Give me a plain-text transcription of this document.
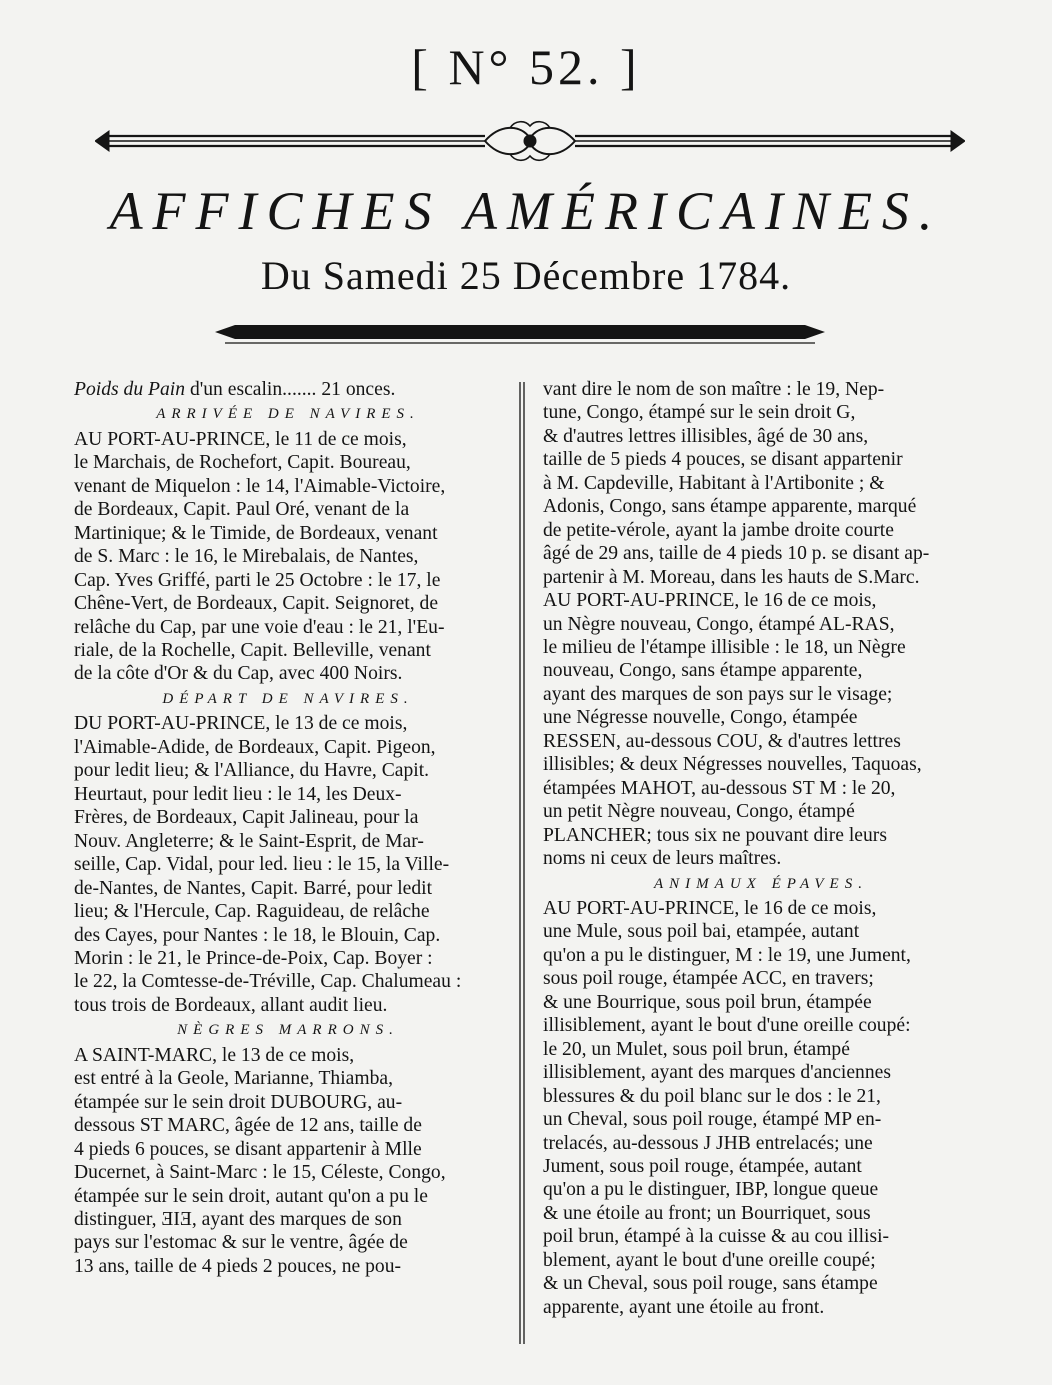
[ N° 52. ]
AFFICHES AMÉRICAINES.
Du Samedi 25 Décembre 1784.

Poids du Pain d'un escalin....... 21 onces.

ARRIVÉE DE NAVIRES.
AU PORT-AU-PRINCE, le 11 de ce mois,
le Marchais, de Rochefort, Capit. Boureau,
venant de Miquelon : le 14, l'Aimable-Victoire,
de Bordeaux, Capit. Paul Oré, venant de la
Martinique; & le Timide, de Bordeaux, venant
de S. Marc : le 16, le Mirebalais, de Nantes,
Cap. Yves Griffé, parti le 25 Octobre : le 17, le
Chêne-Vert, de Bordeaux, Capit. Seignoret, de
relâche du Cap, par une voie d'eau : le 21, l'Eu-
riale, de la Rochelle, Capit. Belleville, venant
de la côte d'Or & du Cap, avec 400 Noirs.
DÉPART DE NAVIRES.
DU PORT-AU-PRINCE, le 13 de ce mois,
l'Aimable-Adide, de Bordeaux, Capit. Pigeon,
pour ledit lieu; & l'Alliance, du Havre, Capit.
Heurtaut, pour ledit lieu : le 14, les Deux-
Frères, de Bordeaux, Capit Jalineau, pour la
Nouv. Angleterre; & le Saint-Esprit, de Mar-
seille, Cap. Vidal, pour led. lieu : le 15, la Ville-
de-Nantes, de Nantes, Capit. Barré, pour ledit
lieu; & l'Hercule, Cap. Raguideau, de relâche
des Cayes, pour Nantes : le 18, le Blouin, Cap.
Morin : le 21, le Prince-de-Poix, Cap. Boyer :
le 22, la Comtesse-de-Tréville, Cap. Chalumeau :
tous trois de Bordeaux, allant audit lieu.
NÈGRES MARRONS.
A SAINT-MARC, le 13 de ce mois,
est entré à la Geole, Marianne, Thiamba,
étampée sur le sein droit DUBOURG, au-
dessous ST MARC, âgée de 12 ans, taille de
4 pieds 6 pouces, se disant appartenir à Mlle
Ducernet, à Saint-Marc : le 15, Céleste, Congo,
étampée sur le sein droit, autant qu'on a pu le
distinguer, ƎIƎ, ayant des marques de son
pays sur l'estomac & sur le ventre, âgée de
13 ans, taille de 4 pieds 2 pouces, ne pou-
vant dire le nom de son maître : le 19, Nep-
tune, Congo, étampé sur le sein droit G,
& d'autres lettres illisibles, âgé de 30 ans,
taille de 5 pieds 4 pouces, se disant appartenir
à M. Capdeville, Habitant à l'Artibonite ; &
Adonis, Congo, sans étampe apparente, marqué
de petite-vérole, ayant la jambe droite courte
âgé de 29 ans, taille de 4 pieds 10 p. se disant ap-
partenir à M. Moreau, dans les hauts de S.Marc.
AU PORT-AU-PRINCE, le 16 de ce mois,
un Nègre nouveau, Congo, étampé AL-RAS,
le milieu de l'étampe illisible : le 18, un Nègre
nouveau, Congo, sans étampe apparente,
ayant des marques de son pays sur le visage;
une Négresse nouvelle, Congo, étampée
RESSEN, au-dessous COU, & d'autres lettres
illisibles; & deux Négresses nouvelles, Taquoas,
étampées MAHOT, au-dessous ST M : le 20,
un petit Nègre nouveau, Congo, étampé
PLANCHER; tous six ne pouvant dire leurs
noms ni ceux de leurs maîtres.
ANIMAUX ÉPAVES.
AU PORT-AU-PRINCE, le 16 de ce mois,
une Mule, sous poil bai, etampée, autant
qu'on a pu le distinguer, M : le 19, une Jument,
sous poil rouge, étampée ACC, en travers;
& une Bourrique, sous poil brun, étampée
illisiblement, ayant le bout d'une oreille coupé:
le 20, un Mulet, sous poil brun, étampé
illisiblement, ayant des marques d'anciennes
blessures & du poil blanc sur le dos : le 21,
un Cheval, sous poil rouge, étampé MP en-
trelacés, au-dessous J JHB entrelacés; une
Jument, sous poil rouge, étampée, autant
qu'on a pu le distinguer, IBP, longue queue
& une étoile au front; un Bourriquet, sous
poil brun, étampé à la cuisse & au cou illisi-
blement, ayant le bout d'une oreille coupé;
& un Cheval, sous poil rouge, sans étampe
apparente, ayant une étoile au front.
